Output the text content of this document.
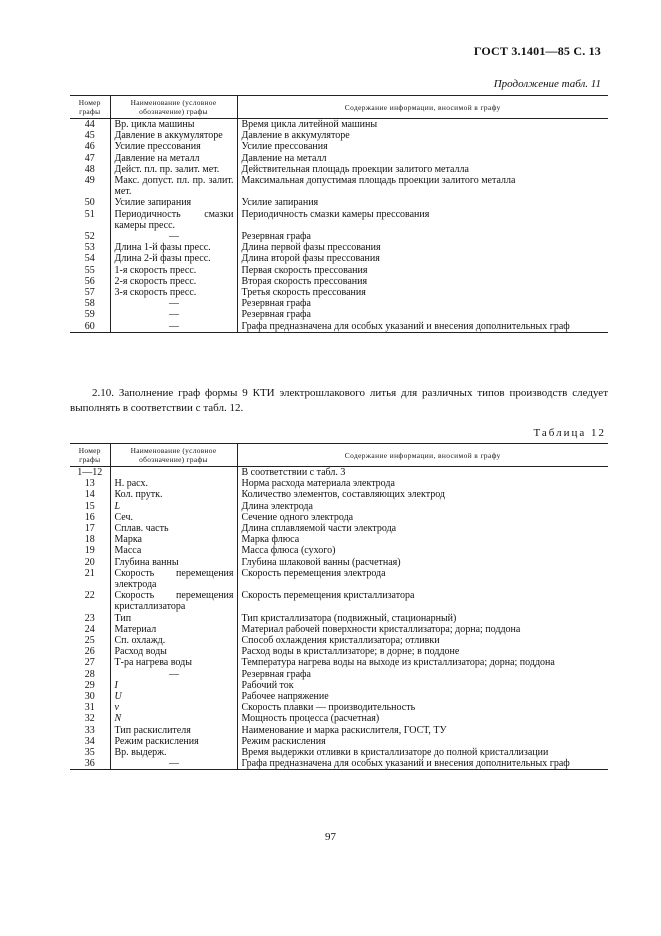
ГОСТ 3.1401—85 С. 13
Продолжение табл. 11
Номер
графы	Наименование (условное
обозначение) графы	Содержание информации, вносимой в графу
44	Вр. цикла машины	Время цикла литейной машины
45	Давление в аккумуляторе	Давление в аккумуляторе
46	Усилие прессования	Усилие прессования
47	Давление на металл	Давление на металл
48	Дейст. пл. пр. залит. мет.	Действительная площадь проекции залитого металла
49	Макс. допуст. пл. пр. залит. мет.	Максимальная допустимая площадь проекции залитого металла
50	Усилие запирания	Усилие запирания
51	Периодичность смазки камеры пресс.	Периодичность смазки камеры прессования
52	—	Резервная графа
53	Длина 1-й фазы пресс.	Длина первой фазы прессования
54	Длина 2-й фазы пресс.	Длина второй фазы прессования
55	1-я скорость пресс.	Первая скорость прессования
56	2-я скорость пресс.	Вторая скорость прессования
57	3-я скорость пресс.	Третья скорость прессования
58	—	Резервная графа
59	—	Резервная графа
60	—	Графа предназначена для особых указаний и внесения дополнительных граф
2.10. Заполнение граф формы 9 КТИ электрошлакового литья для различных типов производств следует выполнять в соответствии с табл. 12.
Таблица 12
Номер
графы	Наименование (условное
обозначение) графы	Содержание информации, вносимой в графу
1—12		В соответствии с табл. 3
13	Н. расх.	Норма расхода материала электрода
14	Кол. прутк.	Количество элементов, составляющих электрод
15	L	Длина электрода
16	Сеч.	Сечение одного электрода
17	Сплав. часть	Длина сплавляемой части электрода
18	Марка	Марка флюса
19	Масса	Масса флюса (сухого)
20	Глубина ванны	Глубина шлаковой ванны (расчетная)
21	Скорость перемещения электрода	Скорость перемещения электрода
22	Скорость перемещения кристаллизатора	Скорость перемещения кристаллизатора
23	Тип	Тип кристаллизатора (подвижный, стационарный)
24	Материал	Материал рабочей поверхности кристаллизатора; дорна; поддона
25	Сп. охлажд.	Способ охлаждения кристаллизатора; отливки
26	Расход воды	Расход воды в кристаллизаторе; в дорне; в поддоне
27	Т-ра нагрева воды	Температура нагрева воды на выходе из кристаллизатора; дорна; поддона
28	—	Резервная графа
29	I	Рабочий ток
30	U	Рабочее напряжение
31	v	Скорость плавки — производительность
32	N	Мощность процесса (расчетная)
33	Тип раскислителя	Наименование и марка раскислителя, ГОСТ, ТУ
34	Режим раскисления	Режим раскисления
35	Вр. выдерж.	Время выдержки отливки в кристаллизаторе до полной кристаллизации
36	—	Графа предназначена для особых указаний и внесения дополнительных граф
97
